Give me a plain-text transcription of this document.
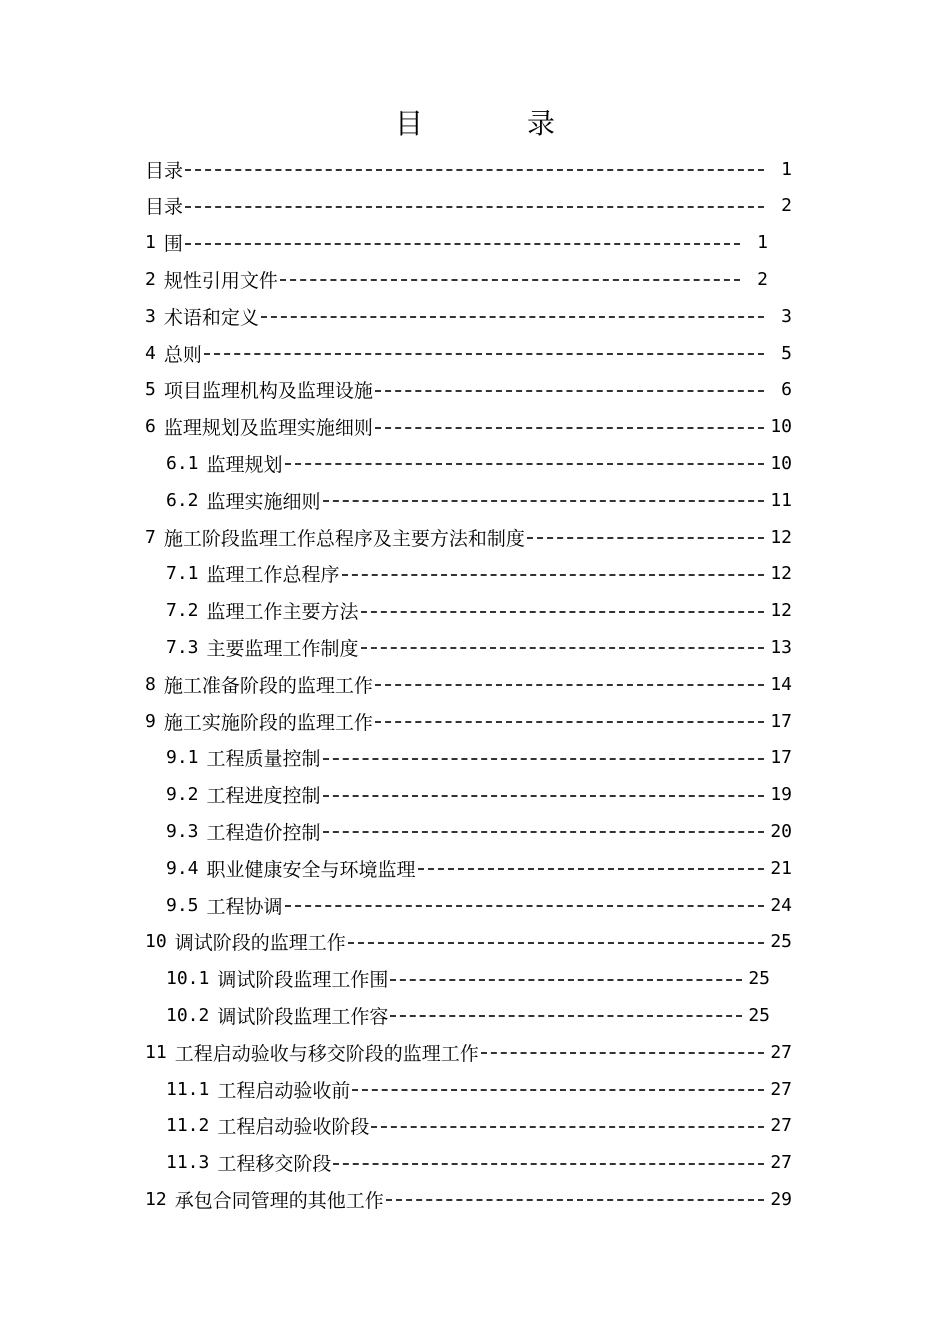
目　录
目录	1
目录	2
1 围	1
2 规性引用文件	2
3 术语和定义	3
4 总则	5
5 项目监理机构及监理设施	6
6 监理规划及监理实施细则	10
6.1 监理规划	10
6.2 监理实施细则	11
7 施工阶段监理工作总程序及主要方法和制度	12
7.1 监理工作总程序	12
7.2 监理工作主要方法	12
7.3 主要监理工作制度	13
8 施工准备阶段的监理工作	14
9 施工实施阶段的监理工作	17
9.1 工程质量控制	17
9.2 工程进度控制	19
9.3 工程造价控制	20
9.4 职业健康安全与环境监理	21
9.5 工程协调	24
10 调试阶段的监理工作	25
10.1 调试阶段监理工作围	25
10.2 调试阶段监理工作容	25
11 工程启动验收与移交阶段的监理工作	27
11.1 工程启动验收前	27
11.2 工程启动验收阶段	27
11.3 工程移交阶段	27
12 承包合同管理的其他工作	29
